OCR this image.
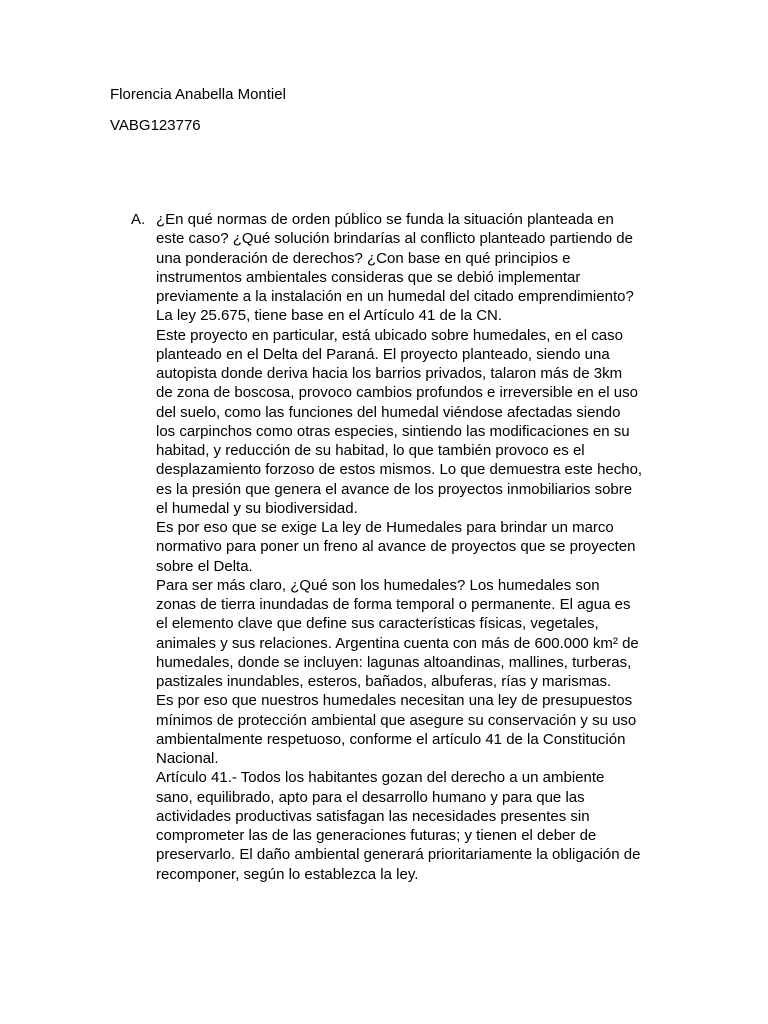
Florencia Anabella Montiel
VABG123776
A. ¿En qué normas de orden público se funda la situación planteada en
este caso? ¿Qué solución brindarías al conflicto planteado partiendo de
una ponderación de derechos? ¿Con base en qué principios e
instrumentos ambientales consideras que se debió implementar
previamente a la instalación en un humedal del citado emprendimiento?
La ley 25.675, tiene base en el Artículo 41 de la CN.
Este proyecto en particular, está ubicado sobre humedales, en el caso
planteado en el Delta del Paraná. El proyecto planteado, siendo una
autopista donde deriva hacia los barrios privados, talaron más de 3km
de zona de boscosa, provoco cambios profundos e irreversible en el uso
del suelo, como las funciones del humedal viéndose afectadas siendo
los carpinchos como otras especies, sintiendo las modificaciones en su
habitad, y reducción de su habitad, lo que también provoco es el
desplazamiento forzoso de estos mismos. Lo que demuestra este hecho,
es la presión que genera el avance de los proyectos inmobiliarios sobre
el humedal y su biodiversidad.
Es por eso que se exige La ley de Humedales para brindar un marco
normativo para poner un freno al avance de proyectos que se proyecten
sobre el Delta.
Para ser más claro, ¿Qué son los humedales? Los humedales son
zonas de tierra inundadas de forma temporal o permanente. El agua es
el elemento clave que define sus características físicas, vegetales,
animales y sus relaciones. Argentina cuenta con más de 600.000 km² de
humedales, donde se incluyen: lagunas altoandinas, mallines, turberas,
pastizales inundables, esteros, bañados, albuferas, rías y marismas.
Es por eso que nuestros humedales necesitan una ley de presupuestos
mínimos de protección ambiental que asegure su conservación y su uso
ambientalmente respetuoso, conforme el artículo 41 de la Constitución
Nacional.
Artículo 41.- Todos los habitantes gozan del derecho a un ambiente
sano, equilibrado, apto para el desarrollo humano y para que las
actividades productivas satisfagan las necesidades presentes sin
comprometer las de las generaciones futuras; y tienen el deber de
preservarlo. El daño ambiental generará prioritariamente la obligación de
recomponer, según lo establezca la ley.
